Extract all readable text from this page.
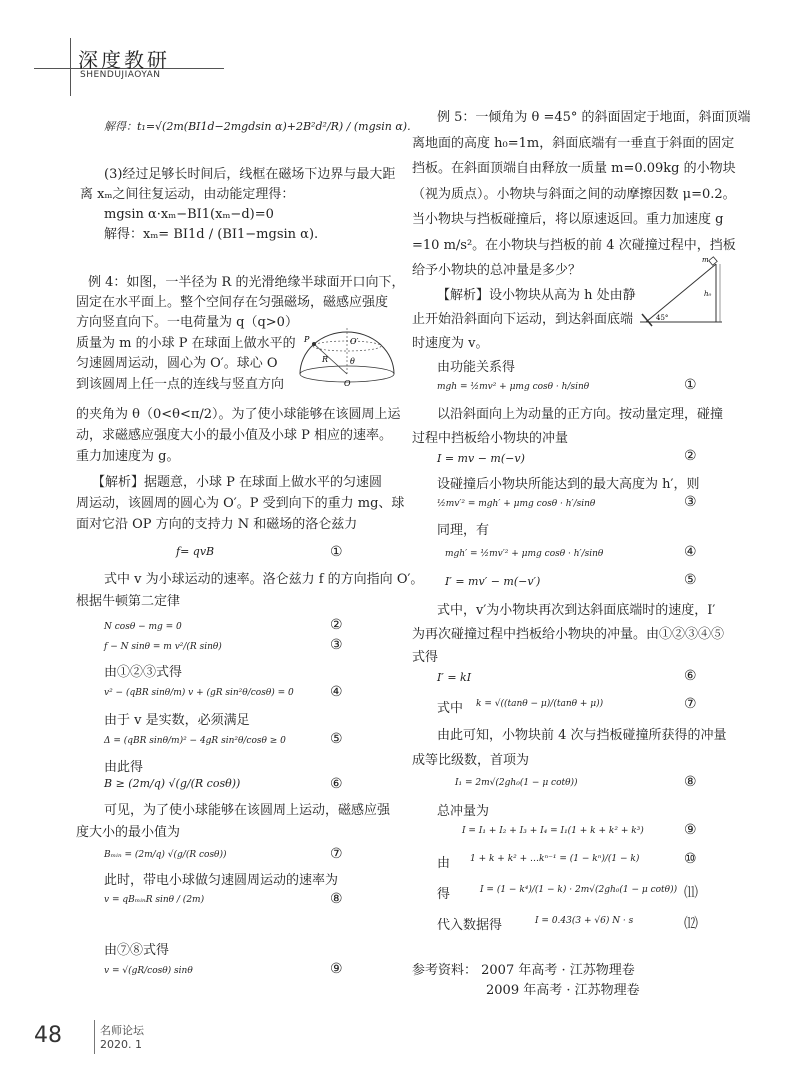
深度教研
SHENDUJIAOYAN
解得：t₁=√(2m(BI1d−2mgdsin α)+2B²d²/R) / (mgsin α).
(3)经过足够长时间后，线框在磁场下边界与最大距
离 xₘ之间往复运动，由动能定理得：
mgsin α·xₘ−BI1(xₘ−d)=0
解得：xₘ= BI1d / (BI1−mgsin α).
例 4：如图，一半径为 R 的光滑绝缘半球面开口向下，
固定在水平面上。整个空间存在匀强磁场，磁感应强度
方向竖直向下。一电荷量为 q（q>0）
质量为 m 的小球 P 在球面上做水平的
匀速圆周运动，圆心为 O′。球心 O
到该圆周上任一点的连线与竖直方向
的夹角为 θ（0<θ<π/2）。为了使小球能够在该圆周上运
动，求磁感应强度大小的最小值及小球 P 相应的速率。
重力加速度为 g。
【解析】据题意，小球 P 在球面上做水平的匀速圆
周运动，该圆周的圆心为 O′。P 受到向下的重力 mg、球
面对它沿 OP 方向的支持力 N 和磁场的洛仑兹力
f= qvB
式中 v 为小球运动的速率。洛仑兹力 f 的方向指向 O′。
根据牛顿第二定律
N cosθ − mg = 0
f − N sinθ = m v²/(R sinθ)
由①②③式得
v² − (qBR sinθ/m) v + (gR sin²θ/cosθ) = 0
由于 v 是实数，必须满足
Δ = (qBR sinθ/m)² − 4gR sin²θ/cosθ ≥ 0
由此得
B ≥ (2m/q) √(g/(R cosθ))
可见，为了使小球能够在该圆周上运动，磁感应强
度大小的最小值为
Bₘᵢₙ = (2m/q) √(g/(R cosθ))
此时，带电小球做匀速圆周运动的速率为
v = qBₘᵢₙR sinθ / (2m)
由⑦⑧式得
v = √(gR/cosθ) sinθ
①
②
③
④
⑤
⑥
⑦
⑧
⑨
例 5：一倾角为 θ =45° 的斜面固定于地面，斜面顶端
离地面的高度 h₀=1m，斜面底端有一垂直于斜面的固定
挡板。在斜面顶端自由释放一质量 m=0.09kg 的小物块
（视为质点）。小物块与斜面之间的动摩擦因数 μ=0.2。
当小物块与挡板碰撞后，将以原速返回。重力加速度 g
=10 m/s²。在小物块与挡板的前 4 次碰撞过程中，挡板
给予小物块的总冲量是多少？
【解析】设小物块从高为 h 处由静
止开始沿斜面向下运动，到达斜面底端
时速度为 v。
由功能关系得
mgh = ½mv² + μmg cosθ · h/sinθ
以沿斜面向上为动量的正方向。按动量定理，碰撞
过程中挡板给小物块的冲量
I = mv − m(−v)
设碰撞后小物块所能达到的最大高度为 h′，则
½mv′² = mgh′ + μmg cosθ · h′/sinθ
同理，有
mgh′ = ½mv′² + μmg cosθ · h′/sinθ
I′ = mv′ − m(−v′)
式中，v′为小物块再次到达斜面底端时的速度，I′
为再次碰撞过程中挡板给小物块的冲量。由①②③④⑤
式得
I′ = kI
式中 k = √((tanθ − μ)/(tanθ + μ))
由此可知，小物块前 4 次与挡板碰撞所获得的冲量
成等比级数，首项为
I₁ = 2m√(2gh₀(1 − μ cotθ))
总冲量为
I = I₁ + I₂ + I₃ + I₄ = I₁(1 + k + k² + k³)
由 1 + k + k² + …kⁿ⁻¹ = (1 − kⁿ)/(1 − k)
得	I = (1 − k⁴)/(1 − k) · 2m√(2gh₀(1 − μ cotθ))
代入数据得	I = 0.43(3 + √6) N · s
参考资料： 2007 年高考 · 江苏物理卷
2009 年高考 · 江苏物理卷
①
②
③
④
⑤
⑥
⑦
⑧
⑨
⑩
⑾
⑿
P
O
O′
R	θ
m
h₀
45°
48	名师论坛
2020. 1
